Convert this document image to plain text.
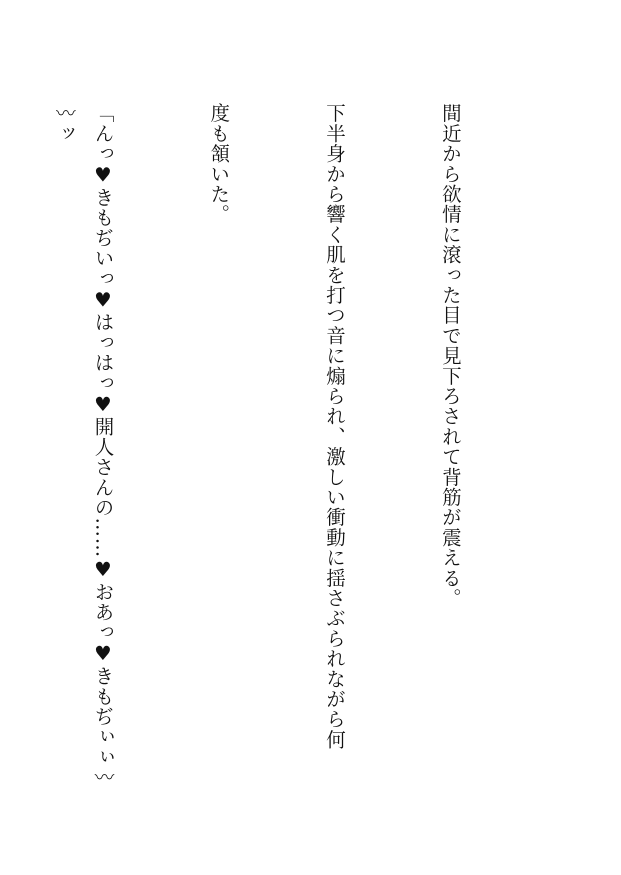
間近から欲情に滾った目で見下ろされて背筋が震える。

下半身から響く肌を打つ音に煽られ、激しい衝動に揺さぶられながら何

度も頷いた。

「んっ♥きもぢいっ♥はっはっ♥開人さんの……♥おあっ♥きもぢぃぃ〰〰ッ
